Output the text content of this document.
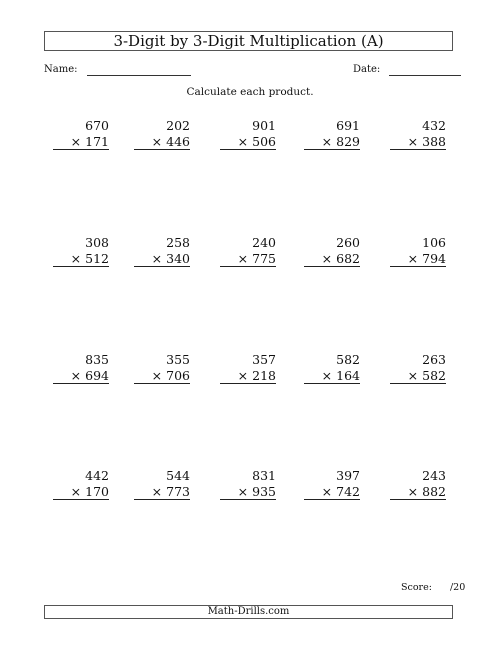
3-Digit by 3-Digit Multiplication (A)
Name:	Date:
Calculate each product.
670
× 171
202
× 446
901
× 506
691
× 829
432
× 388
308
× 512
258
× 340
240
× 775
260
× 682
106
× 794
835
× 694
355
× 706
357
× 218
582
× 164
263
× 582
442
× 170
544
× 773
831
× 935
397
× 742
243
× 882
Score: /20
Math-Drills.com
